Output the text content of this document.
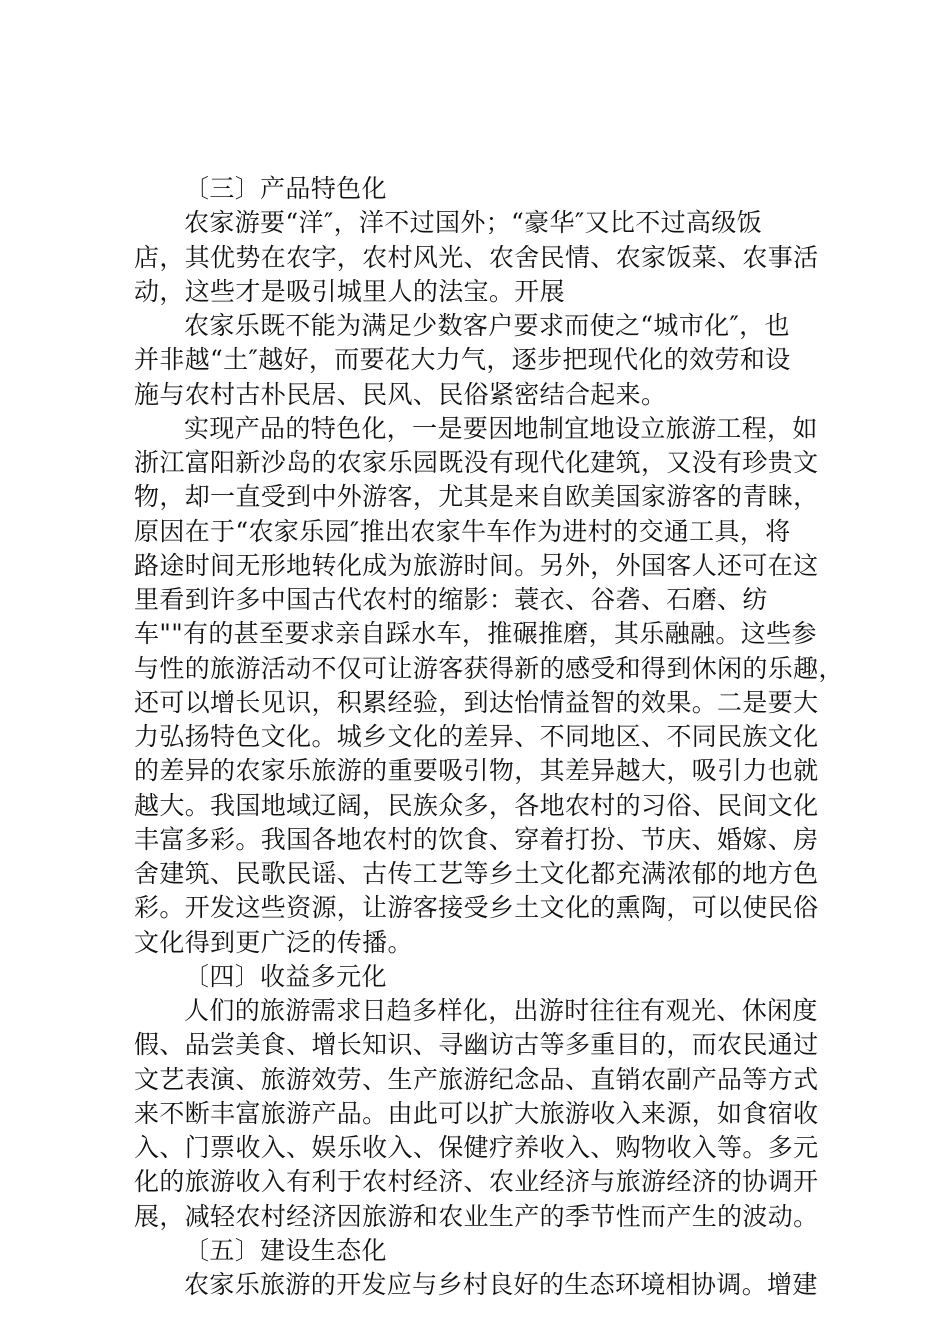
〔三〕产品特色化
农家游要“洋″，洋不过国外；“豪华″又比不过高级饭
店，其优势在农字，农村风光、农舍民情、农家饭菜、农事活
动，这些才是吸引城里人的法宝。开展
农家乐既不能为满足少数客户要求而使之“城市化″，也
并非越“土″越好，而要花大力气，逐步把现代化的效劳和设
施与农村古朴民居、民风、民俗紧密结合起来。
实现产品的特色化，一是要因地制宜地设立旅游工程，如
浙江富阳新沙岛的农家乐园既没有现代化建筑，又没有珍贵文
物，却一直受到中外游客，尤其是来自欧美国家游客的青睐，
原因在于“农家乐园″推出农家牛车作为进村的交通工具，将
路途时间无形地转化成为旅游时间。另外，外国客人还可在这
里看到许多中国古代农村的缩影：蓑衣、谷砻、石磨、纺
车""有的甚至要求亲自踩水车，推碾推磨，其乐融融。这些参
与性的旅游活动不仅可让游客获得新的感受和得到休闲的乐趣，
还可以增长见识，积累经验，到达怡情益智的效果。二是要大
力弘扬特色文化。城乡文化的差异、不同地区、不同民族文化
的差异的农家乐旅游的重要吸引物，其差异越大，吸引力也就
越大。我国地域辽阔，民族众多，各地农村的习俗、民间文化
丰富多彩。我国各地农村的饮食、穿着打扮、节庆、婚嫁、房
舍建筑、民歌民谣、古传工艺等乡土文化都充满浓郁的地方色
彩。开发这些资源，让游客接受乡土文化的熏陶，可以使民俗
文化得到更广泛的传播。
〔四〕收益多元化
人们的旅游需求日趋多样化，出游时往往有观光、休闲度
假、品尝美食、增长知识、寻幽访古等多重目的，而农民通过
文艺表演、旅游效劳、生产旅游纪念品、直销农副产品等方式
来不断丰富旅游产品。由此可以扩大旅游收入来源，如食宿收
入、门票收入、娱乐收入、保健疗养收入、购物收入等。多元
化的旅游收入有利于农村经济、农业经济与旅游经济的协调开
展，减轻农村经济因旅游和农业生产的季节性而产生的波动。
〔五〕建设生态化
农家乐旅游的开发应与乡村良好的生态环境相协调。增建
